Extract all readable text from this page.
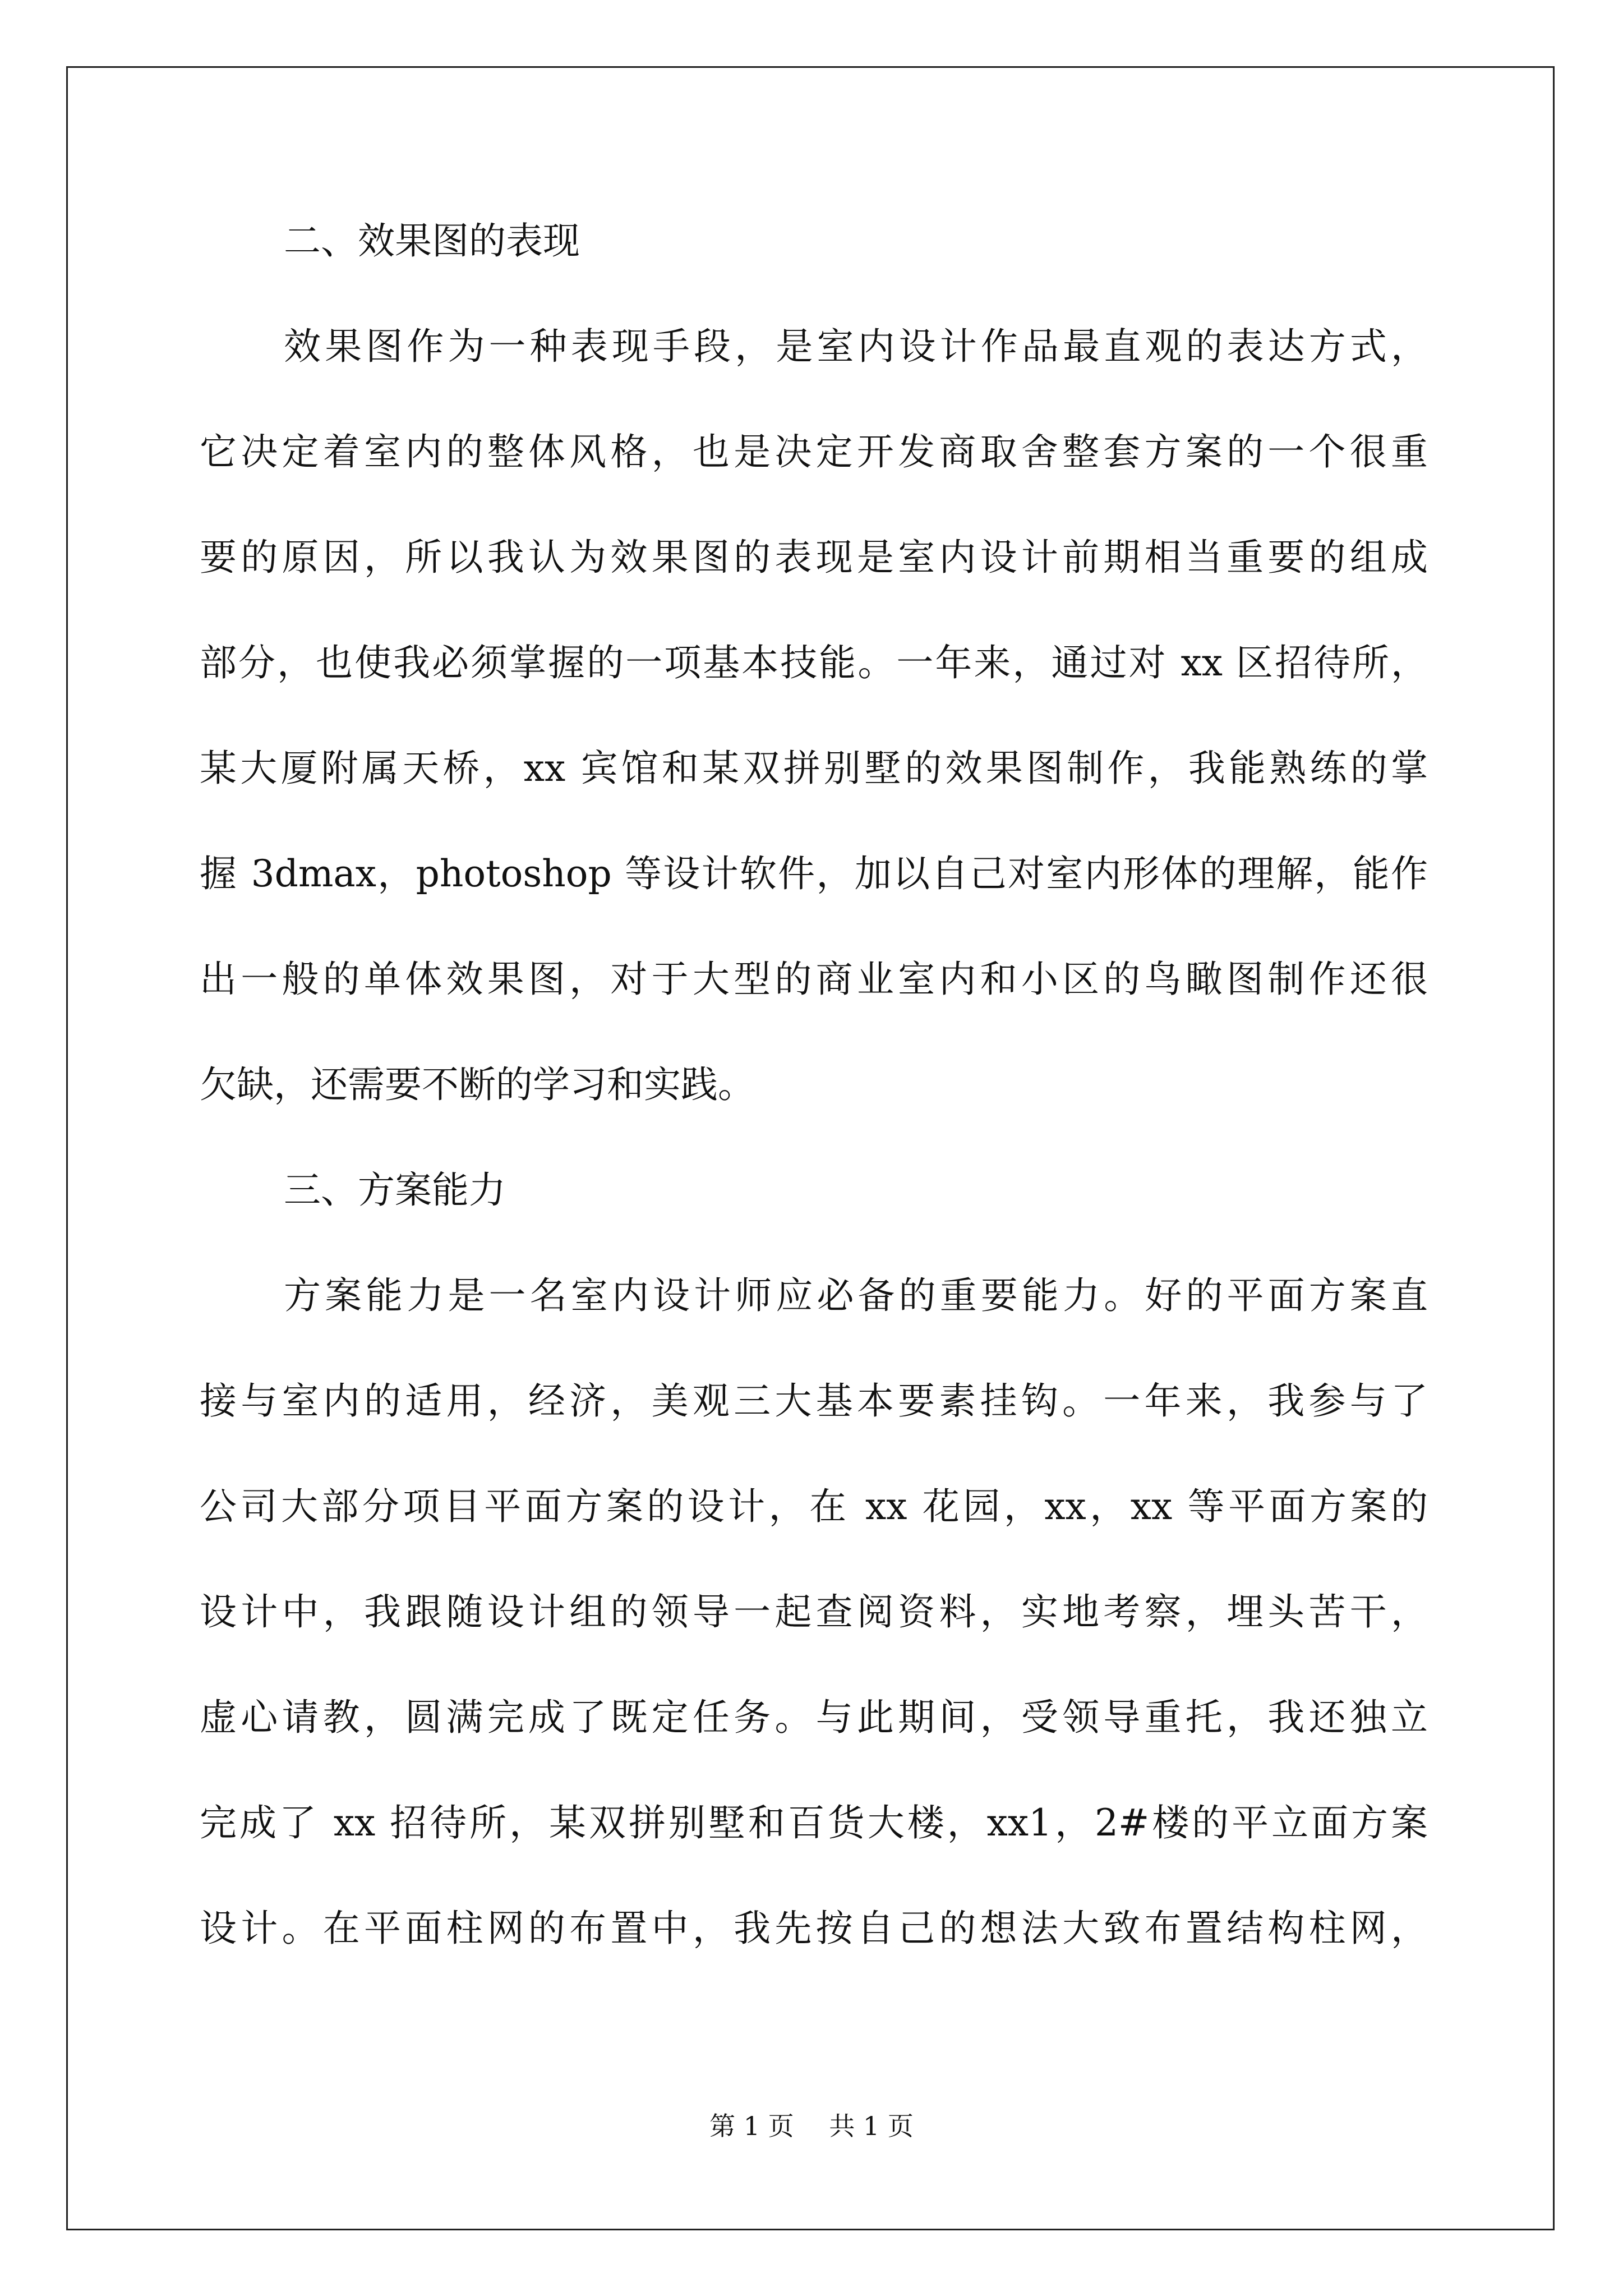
二、效果图的表现
效果图作为一种表现手段，是室内设计作品最直观的表达方式，
它决定着室内的整体风格，也是决定开发商取舍整套方案的一个很重
要的原因，所以我认为效果图的表现是室内设计前期相当重要的组成
部分，也使我必须掌握的一项基本技能。一年来，通过对 xx 区招待所，
某大厦附属天桥，xx 宾馆和某双拼别墅的效果图制作，我能熟练的掌
握 3dmax，photoshop 等设计软件，加以自己对室内形体的理解，能作
出一般的单体效果图，对于大型的商业室内和小区的鸟瞰图制作还很
欠缺，还需要不断的学习和实践。
三、方案能力
方案能力是一名室内设计师应必备的重要能力。好的平面方案直
接与室内的适用，经济，美观三大基本要素挂钩。一年来，我参与了
公司大部分项目平面方案的设计，在 xx 花园，xx，xx 等平面方案的
设计中，我跟随设计组的领导一起查阅资料，实地考察，埋头苦干，
虚心请教，圆满完成了既定任务。与此期间，受领导重托，我还独立
完成了 xx 招待所，某双拼别墅和百货大楼，xx1，2#楼的平立面方案
设计。在平面柱网的布置中，我先按自己的想法大致布置结构柱网，
第 1 页 共 1 页
